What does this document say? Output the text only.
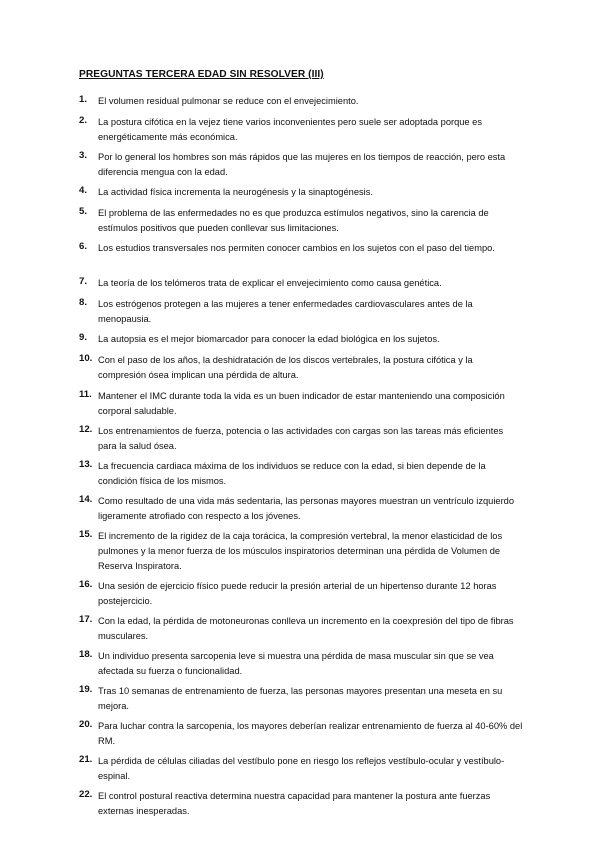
PREGUNTAS TERCERA EDAD SIN RESOLVER (III)
1. El volumen residual pulmonar se reduce con el envejecimiento.
2. La postura cifótica en la vejez tiene varios inconvenientes pero suele ser adoptada porque es energéticamente más económica.
3. Por lo general los hombres son más rápidos que las mujeres en los tiempos de reacción, pero esta diferencia mengua con la edad.
4. La actividad física incrementa la neurogénesis y la sinaptogénesis.
5. El problema de las enfermedades no es que produzca estímulos negativos, sino la carencia de estímulos positivos que pueden conllevar sus limitaciones.
6. Los estudios transversales nos permiten conocer cambios en los sujetos con el paso del tiempo.
7. La teoría de los telómeros trata de explicar el envejecimiento como causa genética.
8. Los estrógenos protegen a las mujeres a tener enfermedades cardiovasculares antes de la menopausia.
9. La autopsia es el mejor biomarcador para conocer la edad biológica en los sujetos.
10. Con el paso de los años, la deshidratación de los discos vertebrales, la postura cifótica y la compresión ósea implican una pérdida de altura.
11. Mantener el IMC durante toda la vida es un buen indicador de estar manteniendo una composición corporal saludable.
12. Los entrenamientos de fuerza, potencia o las actividades con cargas son las tareas más eficientes para la salud ósea.
13. La frecuencia cardiaca máxima de los individuos se reduce con la edad, si bien depende de la condición física de los mismos.
14. Como resultado de una vida más sedentaria, las personas mayores muestran un ventrículo izquierdo ligeramente atrofiado con respecto a los jóvenes.
15. El incremento de la rigidez de la caja torácica, la compresión vertebral, la menor elasticidad de los pulmones y la menor fuerza de los músculos inspiratorios determinan una pérdida de Volumen de Reserva Inspiratora.
16. Una sesión de ejercicio físico puede reducir la presión arterial de un hipertenso durante 12 horas postejercicio.
17. Con la edad, la pérdida de motoneuronas conlleva un incremento en la coexpresión del tipo de fibras musculares.
18. Un individuo presenta sarcopenia leve si muestra una pérdida de masa muscular sin que se vea afectada su fuerza o funcionalidad.
19. Tras 10 semanas de entrenamiento de fuerza, las personas mayores presentan una meseta en su mejora.
20. Para luchar contra la sarcopenia, los mayores deberían realizar entrenamiento de fuerza al 40-60% del RM.
21. La pérdida de células ciliadas del vestíbulo pone en riesgo los reflejos vestíbulo-ocular y vestíbulo-espinal.
22. El control postural reactiva determina nuestra capacidad para mantener la postura ante fuerzas externas inesperadas.
